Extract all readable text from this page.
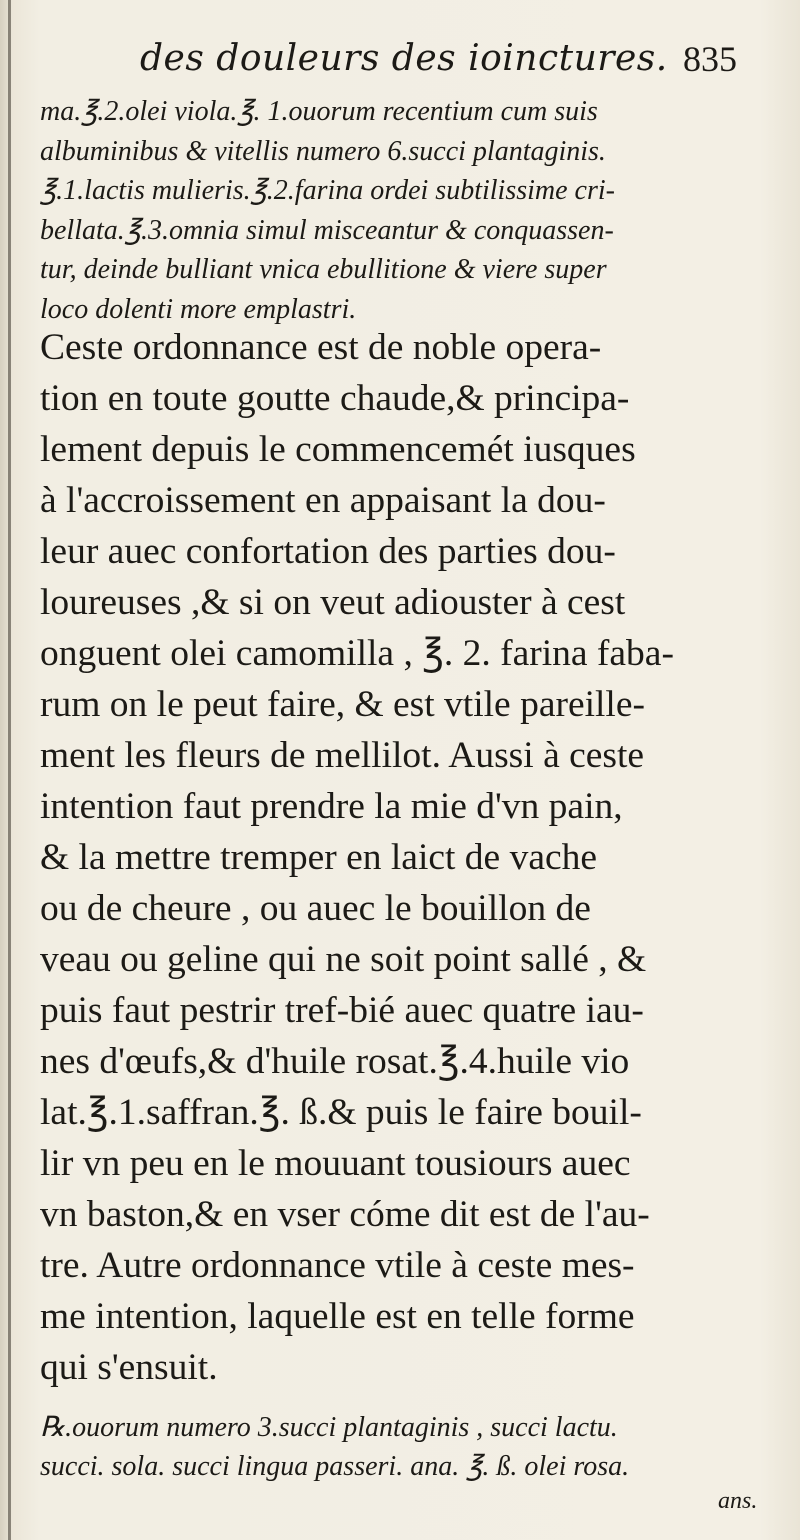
des douleurs des ioinctures. 835
ma.℥.2.olei viola.℥. 1.ouorum recentium cum suis
albuminibus & vitellis numero 6.succi plantaginis.
℥.1.lactis mulieris.℥.2.farina ordei subtilissime cri-
bellata.℥.3.omnia simul misceantur & conquassen-
tur, deinde bulliant vnica ebullitione & viere super
loco dolenti more emplastri.
Ceste ordonnance est de noble opera-
tion en toute goutte chaude,& principa-
lement depuis le commencemét iusques
à l'accroissement en appaisant la dou-
leur auec confortation des parties dou-
loureuses ,& si on veut adiouster à cest
onguent olei camomilla , ℥. 2. farina faba-
rum on le peut faire, & est vtile pareille-
ment les fleurs de mellilot. Aussi à ceste
intention faut prendre la mie d'vn pain,
& la mettre tremper en laict de vache
ou de cheure , ou auec le bouillon de
veau ou geline qui ne soit point sallé , &
puis faut pestrir tref-bié auec quatre iau-
nes d'œufs,& d'huile rosat.℥.4.huile vio
lat.℥.1.saffran.℥. ß.& puis le faire bouil-
lir vn peu en le mouuant tousiours auec
vn baston,& en vser cóme dit est de l'au-
tre. Autre ordonnance vtile à ceste mes-
me intention, laquelle est en telle forme
qui s'ensuit.
℞.ouorum numero 3.succi plantaginis , succi lactu.
succi. sola. succi lingua passeri. ana. ℥. ß. olei rosa.
ans.
